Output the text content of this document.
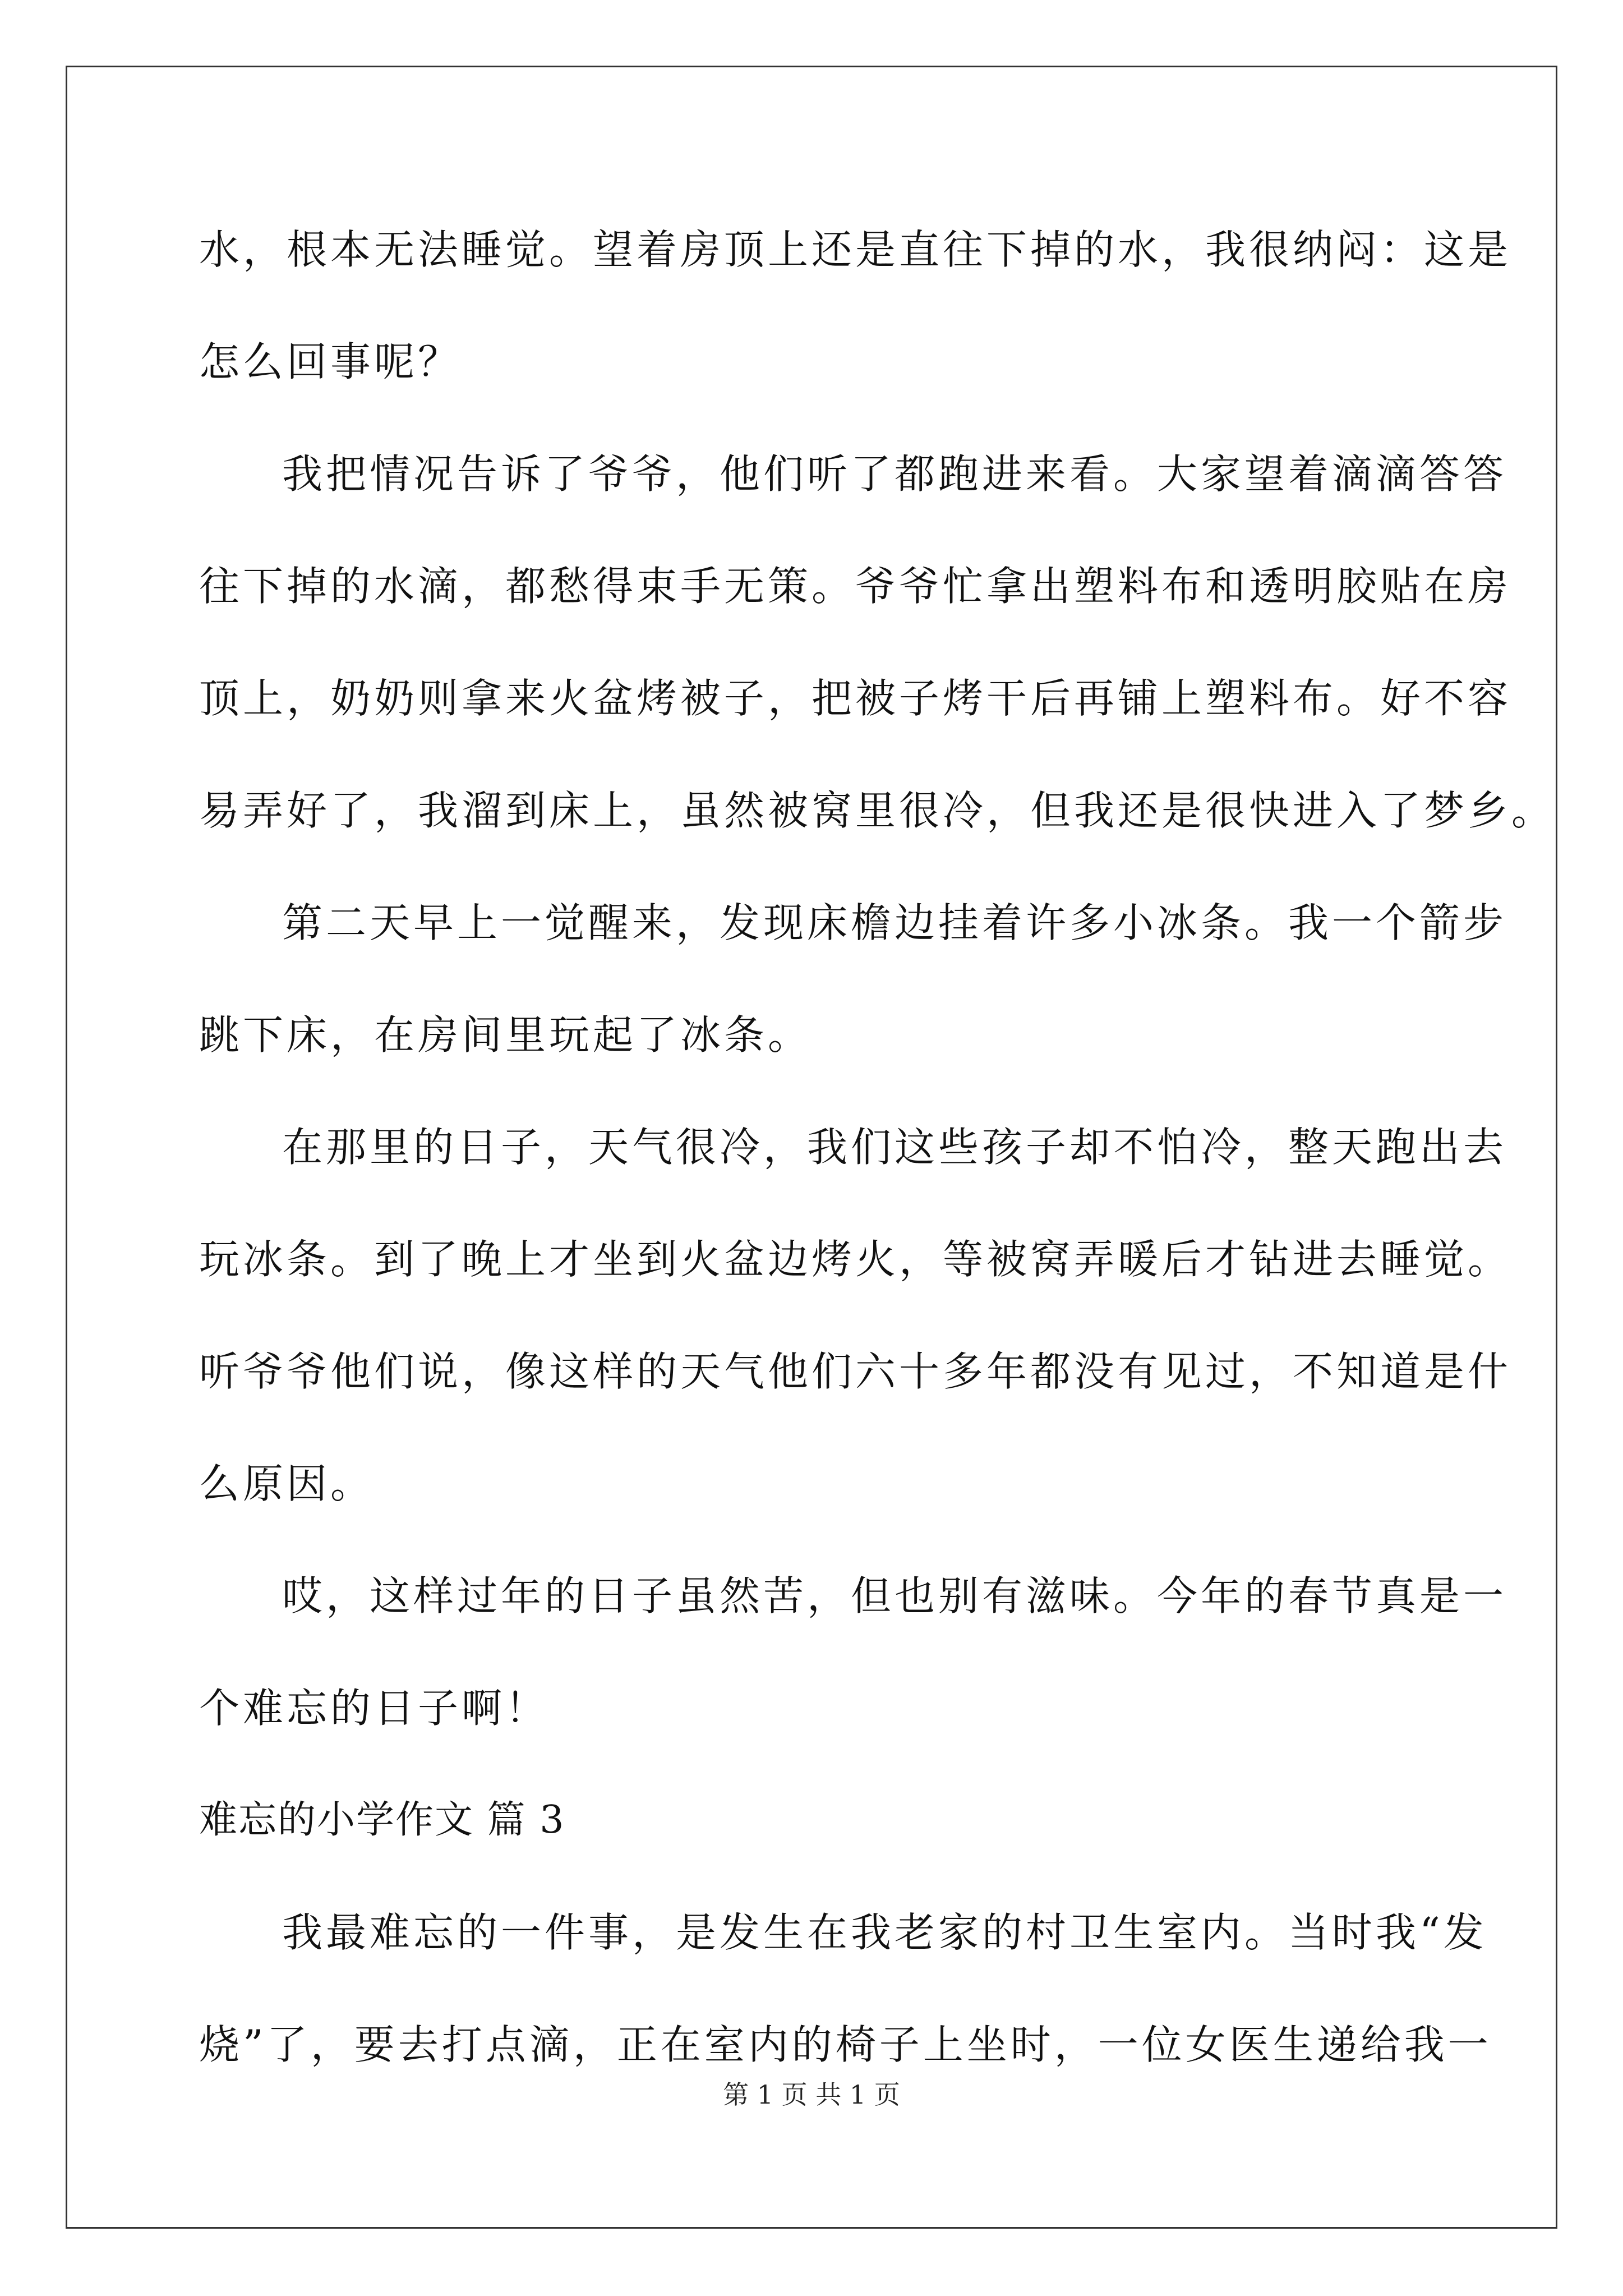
水，根本无法睡觉。望着房顶上还是直往下掉的水，我很纳闷：这是
怎么回事呢？
我把情况告诉了爷爷，他们听了都跑进来看。大家望着滴滴答答
往下掉的水滴，都愁得束手无策。爷爷忙拿出塑料布和透明胶贴在房
顶上，奶奶则拿来火盆烤被子，把被子烤干后再铺上塑料布。好不容
易弄好了，我溜到床上，虽然被窝里很冷，但我还是很快进入了梦乡。
第二天早上一觉醒来，发现床檐边挂着许多小冰条。我一个箭步
跳下床，在房间里玩起了冰条。
在那里的日子，天气很冷，我们这些孩子却不怕冷，整天跑出去
玩冰条。到了晚上才坐到火盆边烤火，等被窝弄暖后才钻进去睡觉。
听爷爷他们说，像这样的天气他们六十多年都没有见过，不知道是什
么原因。
哎，这样过年的日子虽然苦，但也别有滋味。今年的春节真是一
个难忘的日子啊！
难忘的小学作文 篇 3
我最难忘的一件事，是发生在我老家的村卫生室内。当时我“发
烧”了，要去打点滴，正在室内的椅子上坐时，一位女医生递给我一
第 1 页 共 1 页
